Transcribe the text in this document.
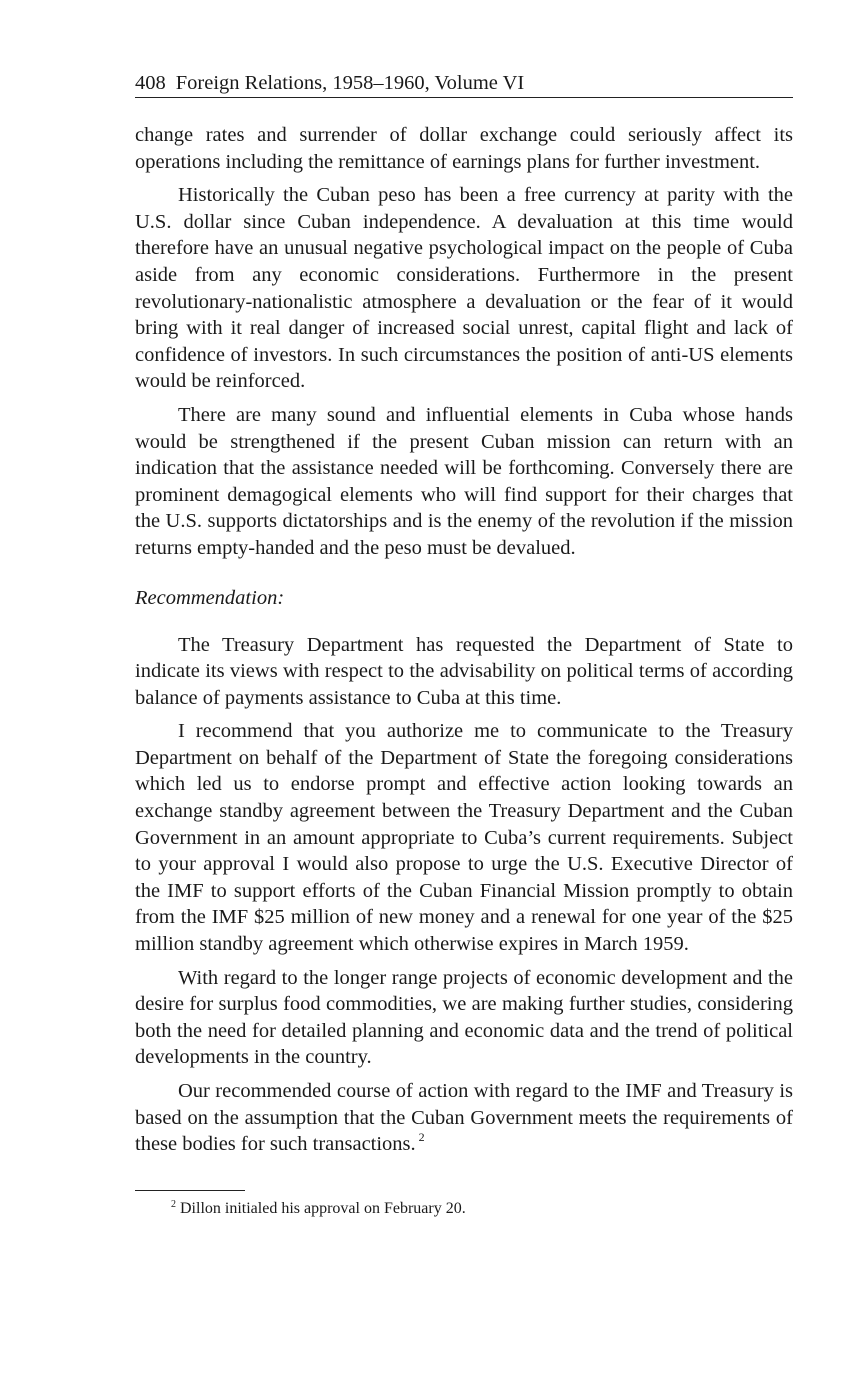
408 Foreign Relations, 1958–1960, Volume VI

change rates and surrender of dollar exchange could seriously affect its operations including the remittance of earnings plans for further investment.

Historically the Cuban peso has been a free currency at parity with the U.S. dollar since Cuban independence. A devaluation at this time would therefore have an unusual negative psychological impact on the people of Cuba aside from any economic considerations. Furthermore in the present revolutionary-nationalistic atmosphere a devaluation or the fear of it would bring with it real danger of increased social unrest, capital flight and lack of confidence of investors. In such circumstances the position of anti-US elements would be reinforced.

There are many sound and influential elements in Cuba whose hands would be strengthened if the present Cuban mission can return with an indication that the assistance needed will be forthcoming. Conversely there are prominent demagogical elements who will find support for their charges that the U.S. supports dictatorships and is the enemy of the revolution if the mission returns empty-handed and the peso must be devalued.

Recommendation:

The Treasury Department has requested the Department of State to indicate its views with respect to the advisability on political terms of according balance of payments assistance to Cuba at this time.

I recommend that you authorize me to communicate to the Treasury Department on behalf of the Department of State the foregoing considerations which led us to endorse prompt and effective action looking towards an exchange standby agreement between the Treasury Department and the Cuban Government in an amount appropriate to Cuba’s current requirements. Subject to your approval I would also propose to urge the U.S. Executive Director of the IMF to support efforts of the Cuban Financial Mission promptly to obtain from the IMF $25 million of new money and a renewal for one year of the $25 million standby agreement which otherwise expires in March 1959.

With regard to the longer range projects of economic development and the desire for surplus food commodities, we are making further studies, considering both the need for detailed planning and economic data and the trend of political developments in the country.

Our recommended course of action with regard to the IMF and Treasury is based on the assumption that the Cuban Government meets the requirements of these bodies for such transactions. $^2$

$^2$ Dillon initialed his approval on February 20.
